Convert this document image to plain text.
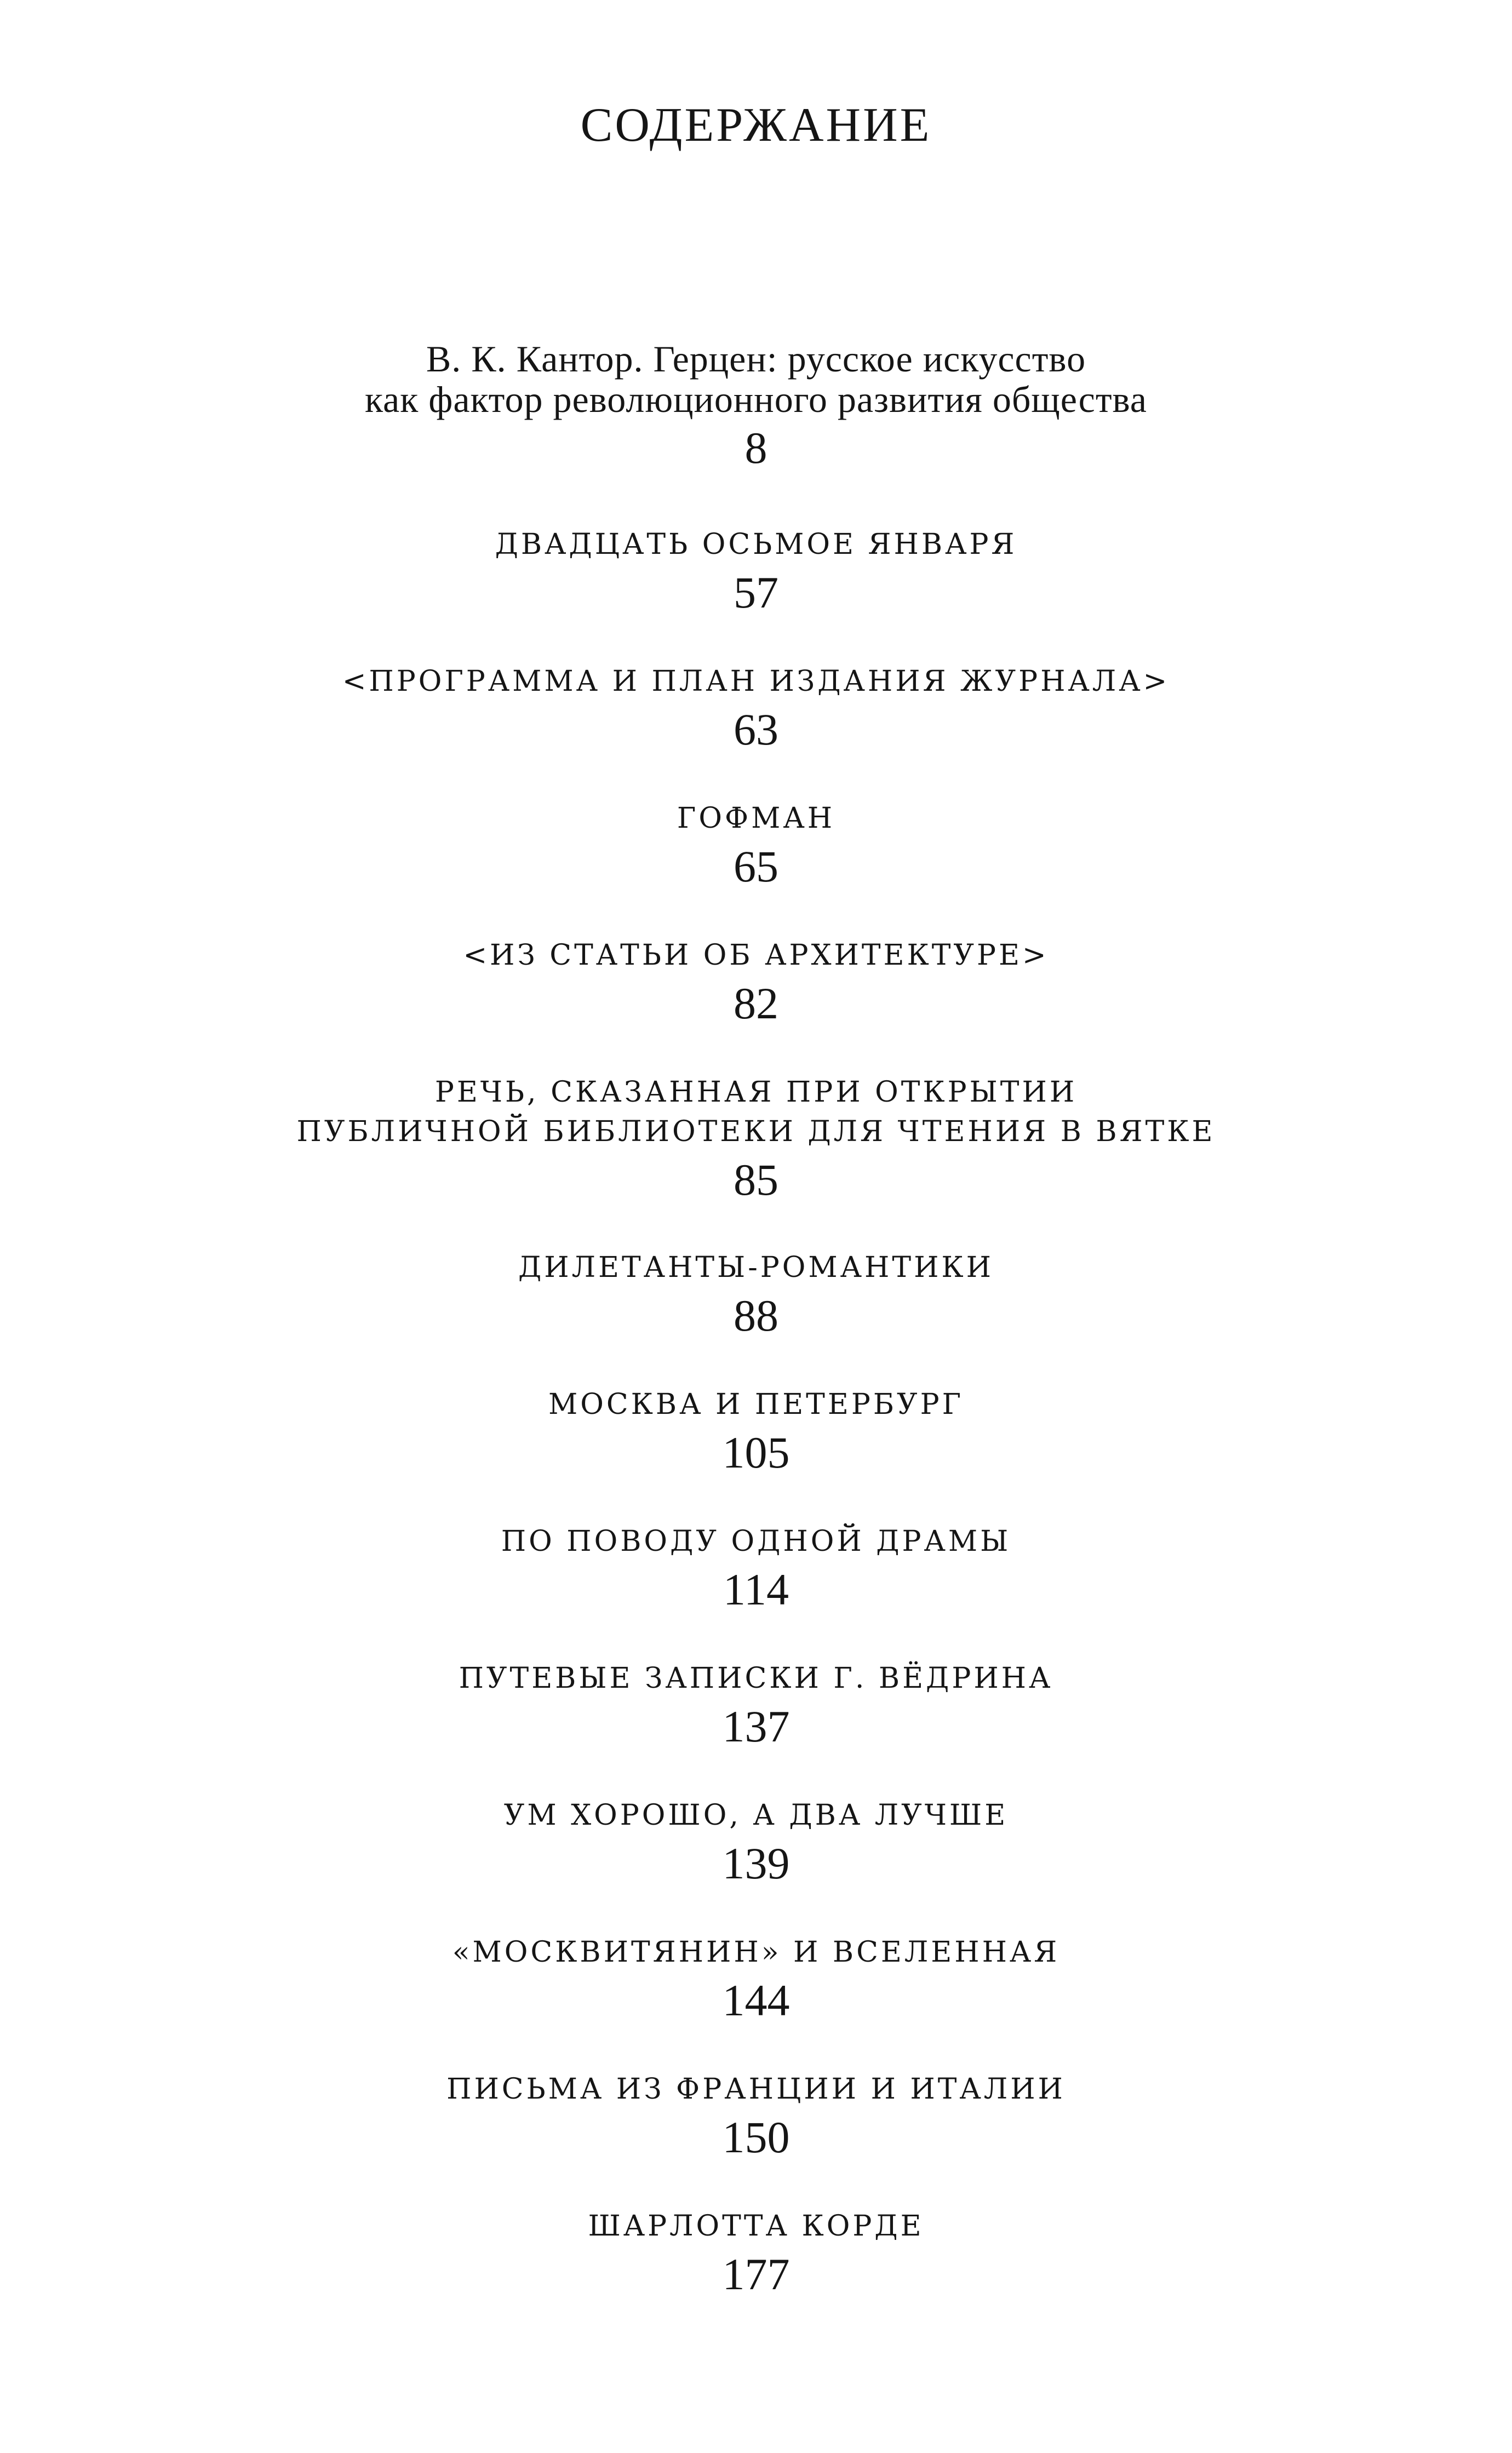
СОДЕРЖАНИЕ
В. К. Кантор. Герцен: русское искусство
как фактор революционного развития общества
8
ДВАДЦАТЬ ОСЬМОЕ ЯНВАРЯ
57
<ПРОГРАММА И ПЛАН ИЗДАНИЯ ЖУРНАЛА>
63
ГОФМАН
65
<ИЗ СТАТЬИ ОБ АРХИТЕКТУРЕ>
82
РЕЧЬ, СКАЗАННАЯ ПРИ ОТКРЫТИИ
ПУБЛИЧНОЙ БИБЛИОТЕКИ ДЛЯ ЧТЕНИЯ В ВЯТКЕ
85
ДИЛЕТАНТЫ-РОМАНТИКИ
88
МОСКВА И ПЕТЕРБУРГ
105
ПО ПОВОДУ ОДНОЙ ДРАМЫ
114
ПУТЕВЫЕ ЗАПИСКИ Г. ВЁДРИНА
137
УМ ХОРОШО, А ДВА ЛУЧШЕ
139
«МОСКВИТЯНИН» И ВСЕЛЕННАЯ
144
ПИСЬМА ИЗ ФРАНЦИИ И ИТАЛИИ
150
ШАРЛОТТА КОРДЕ
177
